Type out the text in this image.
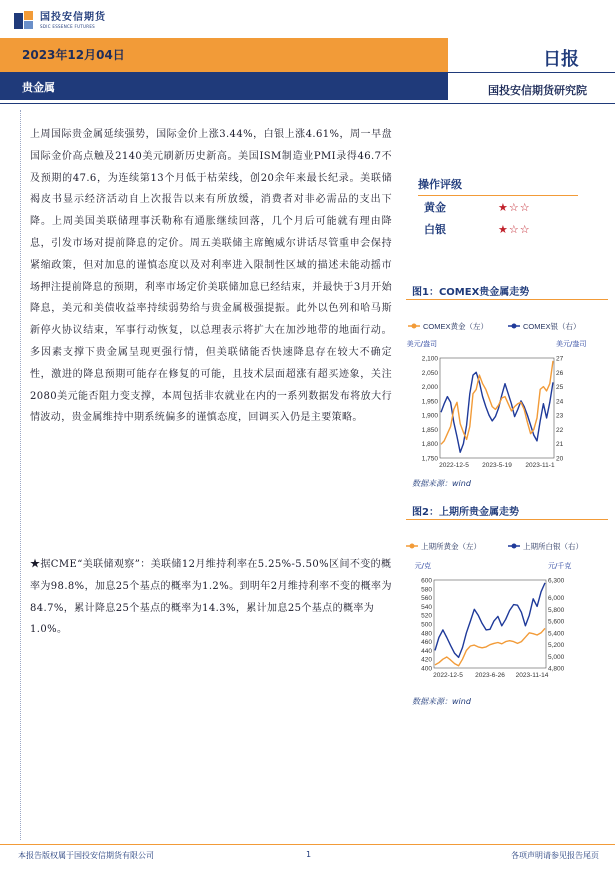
国投安信期货
SDIC ESSENCE FUTURES
2023年12月04日	日报
贵金属	国投安信期货研究院
上周国际贵金属延续强势，国际金价上涨3.44%，白银上涨4.61%，周一早盘国际金价高点触及2140美元刷新历史新高。美国ISM制造业PMI录得46.7不及预期的47.6，为连续第13个月低于枯荣线，创20余年来最长纪录。美联储褐皮书显示经济活动自上次报告以来有所放缓，消费者对非必需品的支出下降。上周美国美联储理事沃勒称有通胀继续回落，几个月后可能就有理由降息，引发市场对提前降息的定价。周五美联储主席鲍威尔讲话尽管重申会保持紧缩政策，但对加息的谨慎态度以及对利率进入限制性区域的描述未能动摇市场押注提前降息的预期，利率市场定价美联储加息已经结束，并最快于3月开始降息，美元和美债收益率持续弱势给与贵金属极强提振。此外以色列和哈马斯新停火协议结束，军事行动恢复，以总理表示将扩大在加沙地带的地面行动。多因素支撑下贵金属呈现更强行情，但美联储能否快速降息存在较大不确定性，激进的降息预期可能存在修复的可能，且技术层面超涨有超买迹象，关注2080美元能否阻力变支撑，本周包括非农就业在内的一系列数据发布将放大行情波动，贵金属维持中期系统偏多的谨慎态度，回调买入仍是主要策略。
★据CME“美联储观察”：美联储12月维持利率在5.25%-5.50%区间不变的概率为98.8%，加息25个基点的概率为1.2%。到明年2月维持利率不变的概率为84.7%，累计降息25个基点的概率为14.3%，累计加息25个基点的概率为1.0%。
操作评级
黄金	★☆☆
白银	★☆☆
图1：COMEX贵金属走势
COMEX黄金（左）	COMEX银（右）
美元/盎司	美元/盎司
1,750
1,800
1,850
1,900
1,950
2,000
2,050
2,100
20
21
22
23
24
25
26
27
2022-12-5 2023-5-19 2023-11-1
数据来源：wind
图2：上期所贵金属走势
上期所黄金（左）	上期所白银（右）
元/克	元/千克
400
420
440
460
480
500
520
540
560
580
600
4,800
5,000
5,200
5,400
5,600
5,800
6,000
6,300
2022-12-5 2023-6-26 2023-11-14
数据来源：wind
本报告版权属于国投安信期货有限公司	1	各项声明请参见报告尾页
